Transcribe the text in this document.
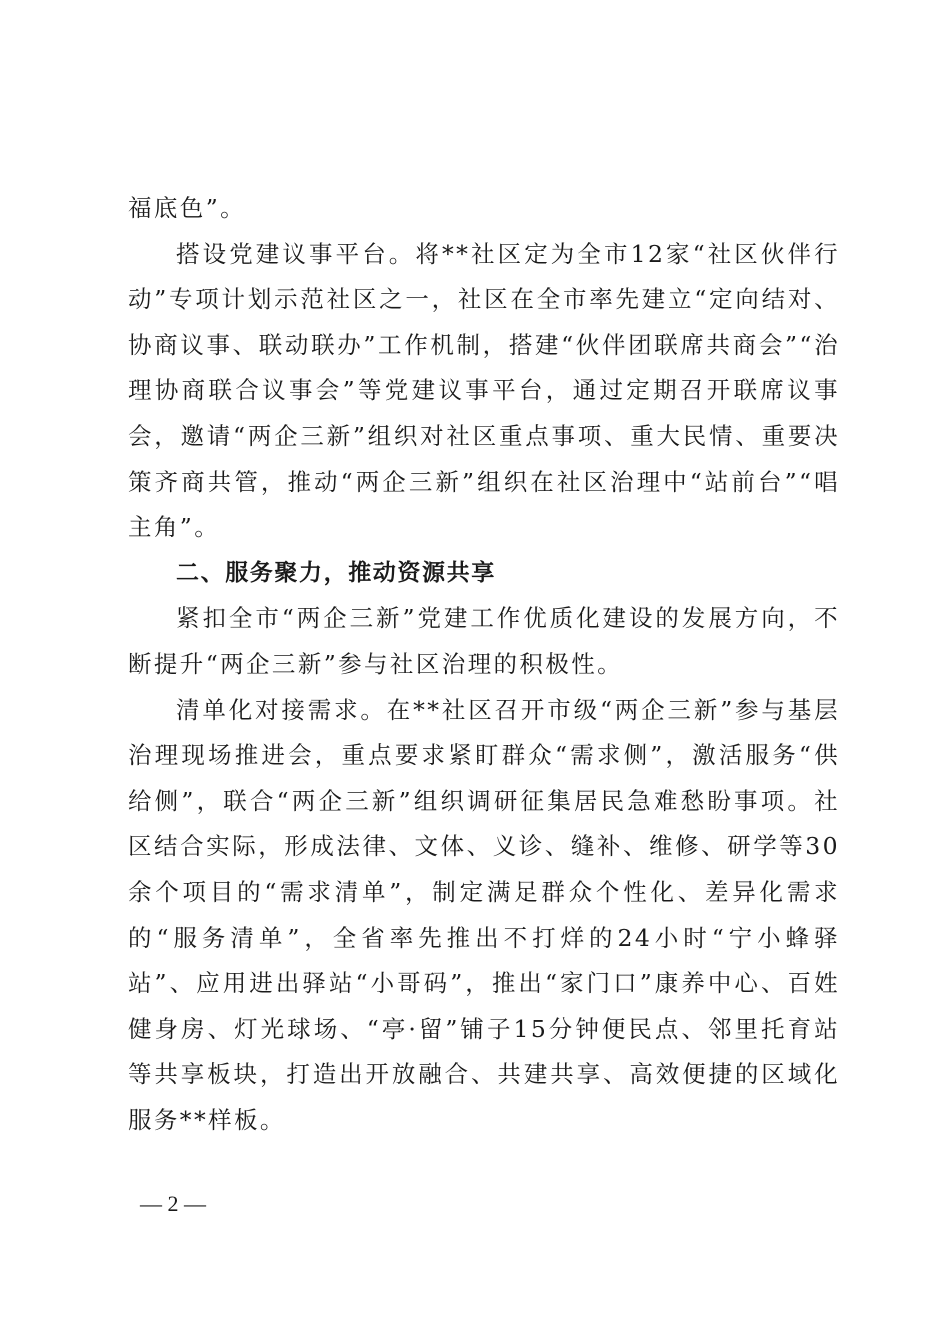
福底色”。

搭设党建议事平台。将**社区定为全市12家“社区伙伴行动”专项计划示范社区之一，社区在全市率先建立“定向结对、协商议事、联动联办”工作机制，搭建“伙伴团联席共商会”“治理协商联合议事会”等党建议事平台，通过定期召开联席议事会，邀请“两企三新”组织对社区重点事项、重大民情、重要决策齐商共管，推动“两企三新”组织在社区治理中“站前台”“唱主角”。

二、服务聚力，推动资源共享

紧扣全市“两企三新”党建工作优质化建设的发展方向，不断提升“两企三新”参与社区治理的积极性。

清单化对接需求。在**社区召开市级“两企三新”参与基层治理现场推进会，重点要求紧盯群众“需求侧”，激活服务“供给侧”，联合“两企三新”组织调研征集居民急难愁盼事项。社区结合实际，形成法律、文体、义诊、缝补、维修、研学等30余个项目的“需求清单”，制定满足群众个性化、差异化需求的“服务清单”，全省率先推出不打烊的24小时“宁小蜂驿站”、应用进出驿站“小哥码”，推出“家门口”康养中心、百姓健身房、灯光球场、“亭·留”铺子15分钟便民点、邻里托育站等共享板块，打造出开放融合、共建共享、高效便捷的区域化服务**样板。

— 2 —
